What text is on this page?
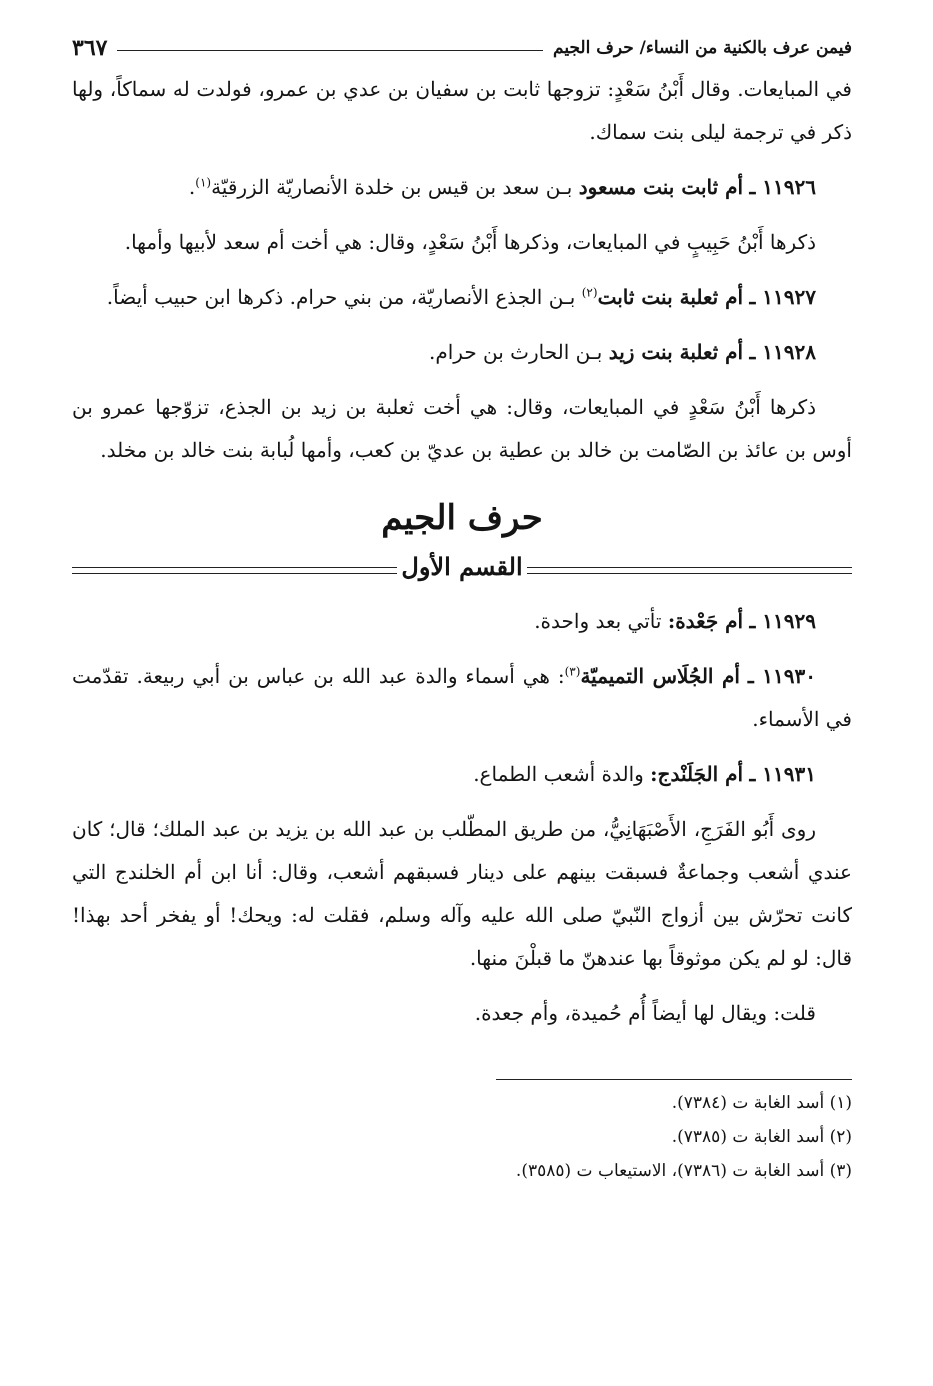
فيمن عرف بالكنية من النساء/ حرف الجيم
٣٦٧

في المبايعات. وقال أَبْنُ سَعْدٍ: تزوجها ثابت بن سفيان بن عدي بن عمرو، فولدت له سماكاً، ولها ذكر في ترجمة ليلى بنت سماك.

١١٩٢٦ ـ أم ثابت بنت مسعود بـن سعد بن قيس بن خلدة الأنصاريّة الزرقيّة$^{(١)}$.

ذكرها أَبْنُ حَبِيبٍ في المبايعات، وذكرها أَبْنُ سَعْدٍ، وقال: هي أخت أم سعد لأبيها وأمها.

١١٩٢٧ ـ أم ثعلبة بنت ثابت$^{(٢)}$ بـن الجذع الأنصاريّة، من بني حرام. ذكرها ابن حبيب أيضاً.

١١٩٢٨ ـ أم ثعلبة بنت زيد بـن الحارث بن حرام.

ذكرها أَبْنُ سَعْدٍ في المبايعات، وقال: هي أخت ثعلبة بن زيد بن الجذع، تزوّجها عمرو بن أوس بن عائذ بن الصّامت بن خالد بن عطية بن عديّ بن كعب، وأمها لُبابة بنت خالد بن مخلد.

حرف الجيم
القسم الأول

١١٩٢٩ ـ أم جَعْدة: تأتي بعد واحدة.

١١٩٣٠ ـ أم الجُلَاس التميميّة$^{(٣)}$: هي أسماء والدة عبد الله بن عباس بن أبي ربيعة. تقدّمت في الأسماء.

١١٩٣١ ـ أم الجَلَنْدج: والدة أشعب الطماع.

روى أَبُو الفَرَجِ، الأَصْبَهَانِيُّ، من طريق المطّلب بن عبد الله بن يزيد بن عبد الملك؛ قال؛ كان عندي أشعب وجماعةٌ فسبقت بينهم على دينار فسبقهم أشعب، وقال: أنا ابن أم الخلندج التي كانت تحرّش بين أزواج النّبيّ صلى الله عليه وآله وسلم، فقلت له: ويحك! أو يفخر أحد بهذا! قال: لو لم يكن موثوقاً بها عندهنّ ما قبلْنَ منها.

قلت: ويقال لها أيضاً أُم حُميدة، وأم جعدة.

(١) أسد الغابة ت (٧٣٨٤).

(٢) أسد الغابة ت (٧٣٨٥).

(٣) أسد الغابة ت (٧٣٨٦)، الاستيعاب ت (٣٥٨٥).
